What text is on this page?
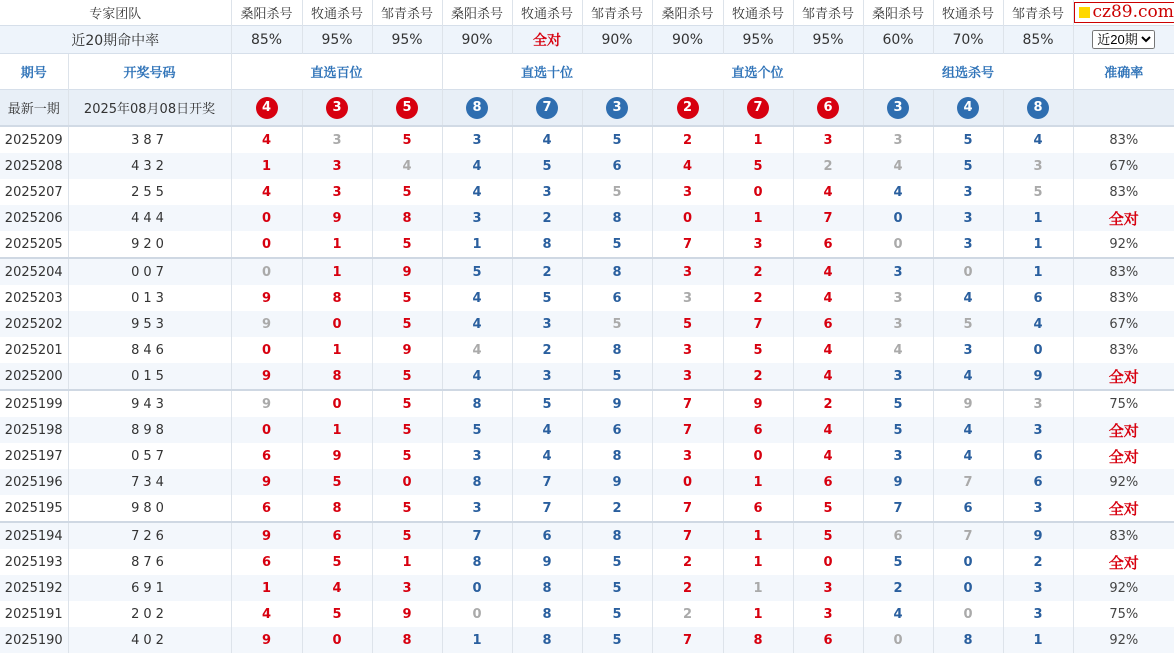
专家团队		桑阳杀号	牧通杀号	邹青杀号	桑阳杀号	牧通杀号	邹青杀号	桑阳杀号	牧通杀号	邹青杀号	桑阳杀号	牧通杀号	邹青杀号	cz89.com

近20期命中率		85%	95%	95%	90%	全对	90%	90%	95%	95%	60%	70%	85%	
近20期
期号	开奖号码	直选百位			直选十位			直选个位			组选杀号			准确率
最新一期	2025年08月08日开奖	4	3	5	8	7	3	2	7	6	3	4	8	
2025209	387	4	3	5	3	4	5	2	1	3	3	5	4	83%
2025208	432	1	3	4	4	5	6	4	5	2	4	5	3	67%
2025207	255	4	3	5	4	3	5	3	0	4	4	3	5	83%
2025206	444	0	9	8	3	2	8	0	1	7	0	3	1	全对
2025205	920	0	1	5	1	8	5	7	3	6	0	3	1	92%
2025204	007	0	1	9	5	2	8	3	2	4	3	0	1	83%
2025203	013	9	8	5	4	5	6	3	2	4	3	4	6	83%
2025202	953	9	0	5	4	3	5	5	7	6	3	5	4	67%
2025201	846	0	1	9	4	2	8	3	5	4	4	3	0	83%
2025200	015	9	8	5	4	3	5	3	2	4	3	4	9	全对
2025199	943	9	0	5	8	5	9	7	9	2	5	9	3	75%
2025198	898	0	1	5	5	4	6	7	6	4	5	4	3	全对
2025197	057	6	9	5	3	4	8	3	0	4	3	4	6	全对
2025196	734	9	5	0	8	7	9	0	1	6	9	7	6	92%
2025195	980	6	8	5	3	7	2	7	6	5	7	6	3	全对
2025194	726	9	6	5	7	6	8	7	1	5	6	7	9	83%
2025193	876	6	5	1	8	9	5	2	1	0	5	0	2	全对
2025192	691	1	4	3	0	8	5	2	1	3	2	0	3	92%
2025191	202	4	5	9	0	8	5	2	1	3	4	0	3	75%
2025190	402	9	0	8	1	8	5	7	8	6	0	8	1	92%
